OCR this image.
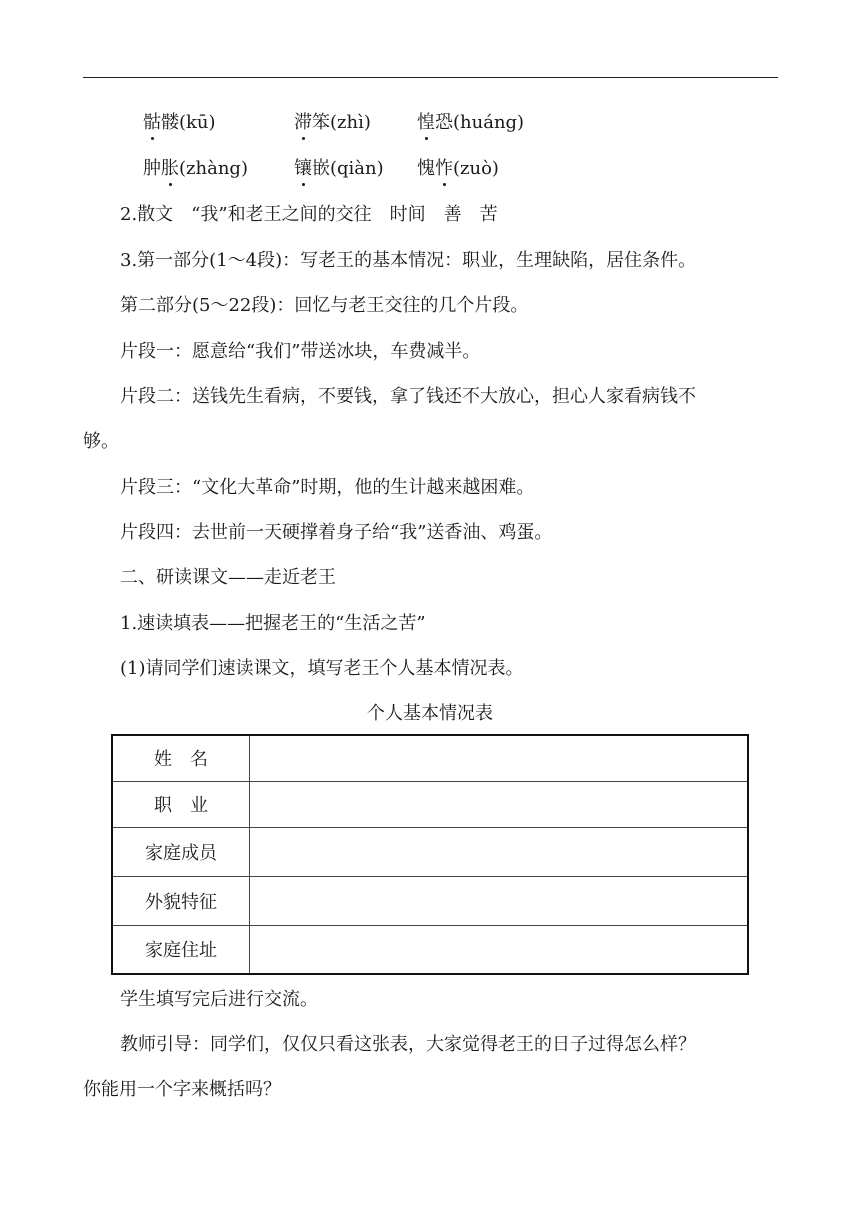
骷髅(kū)	滞笨(zhì)	惶恐(huáng)
肿胀(zhàng)	镶嵌(qiàn) 愧怍(zuò)
2.散文　“我”和老王之间的交往　时间　善　苦
3.第一部分(1～4段)：写老王的基本情况：职业，生理缺陷，居住条件。
第二部分(5～22段)：回忆与老王交往的几个片段。
片段一：愿意给“我们”带送冰块，车费减半。
片段二：送钱先生看病，不要钱，拿了钱还不大放心，担心人家看病钱不
够。
片段三：“文化大革命”时期，他的生计越来越困难。
片段四：去世前一天硬撑着身子给“我”送香油、鸡蛋。
二、研读课文——走近老王
1.速读填表——把握老王的“生活之苦”
(1)请同学们速读课文，填写老王个人基本情况表。
个人基本情况表
姓　名	
职　业	
家庭成员	
外貌特征	
家庭住址	
学生填写完后进行交流。
教师引导：同学们，仅仅只看这张表，大家觉得老王的日子过得怎么样？
你能用一个字来概括吗？
